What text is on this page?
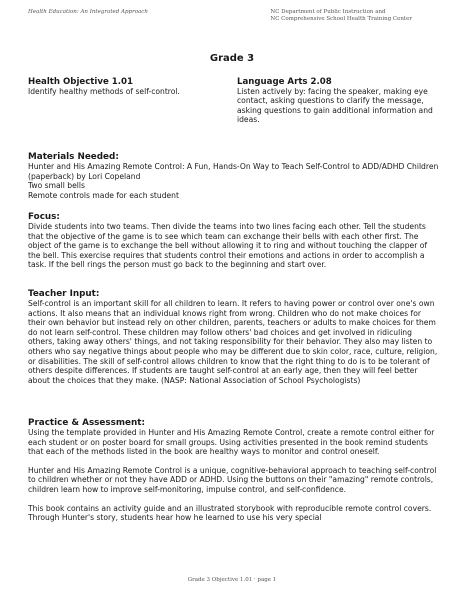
Health Education: An Integrated Approach	NC Department of Public Instruction and
NC Comprehensive School Health Training Center
Grade 3
Health Objective 1.01
Identify healthy methods of self-control.
Language Arts 2.08
Listen actively by: facing the speaker, making eye contact, asking questions to clarify the message, asking questions to gain additional information and ideas.
Materials Needed:

Hunter and His Amazing Remote Control: A Fun, Hands-On Way to Teach Self-Control to ADD/ADHD Children (paperback) by Lori Copeland

Two small bells

Remote controls made for each student

Focus:

Divide students into two teams. Then divide the teams into two lines facing each other. Tell the students that the objective of the game is to see which team can exchange their bells with each other first. The object of the game is to exchange the bell without allowing it to ring and without touching the clapper of the bell. This exercise requires that students control their emotions and actions in order to accomplish a task. If the bell rings the person must go back to the beginning and start over.

Teacher Input:

Self-control is an important skill for all children to learn. It refers to having power or control over one's own actions. It also means that an individual knows right from wrong. Children who do not make choices for their own behavior but instead rely on other children, parents, teachers or adults to make choices for them do not learn self-control. These children may follow others' bad choices and get involved in ridiculing others, taking away others' things, and not taking responsibility for their behavior. They also may listen to others who say negative things about people who may be different due to skin color, race, culture, religion, or disabilities. The skill of self-control allows children to know that the right thing to do is to be tolerant of others despite differences. If students are taught self-control at an early age, then they will feel better about the choices that they make. (NASP: National Association of School Psychologists)

Practice & Assessment:

Using the template provided in Hunter and His Amazing Remote Control, create a remote control either for each student or on poster board for small groups. Using activities presented in the book remind students that each of the methods listed in the book are healthy ways to monitor and control oneself.

Hunter and His Amazing Remote Control is a unique, cognitive-behavioral approach to teaching self-control to children whether or not they have ADD or ADHD. Using the buttons on their "amazing" remote controls, children learn how to improve self-monitoring, impulse control, and self-confidence.

This book contains an activity guide and an illustrated storybook with reproducible remote control covers. Through Hunter's story, students hear how he learned to use his very special

Grade 3 Objective 1.01 · page 1
